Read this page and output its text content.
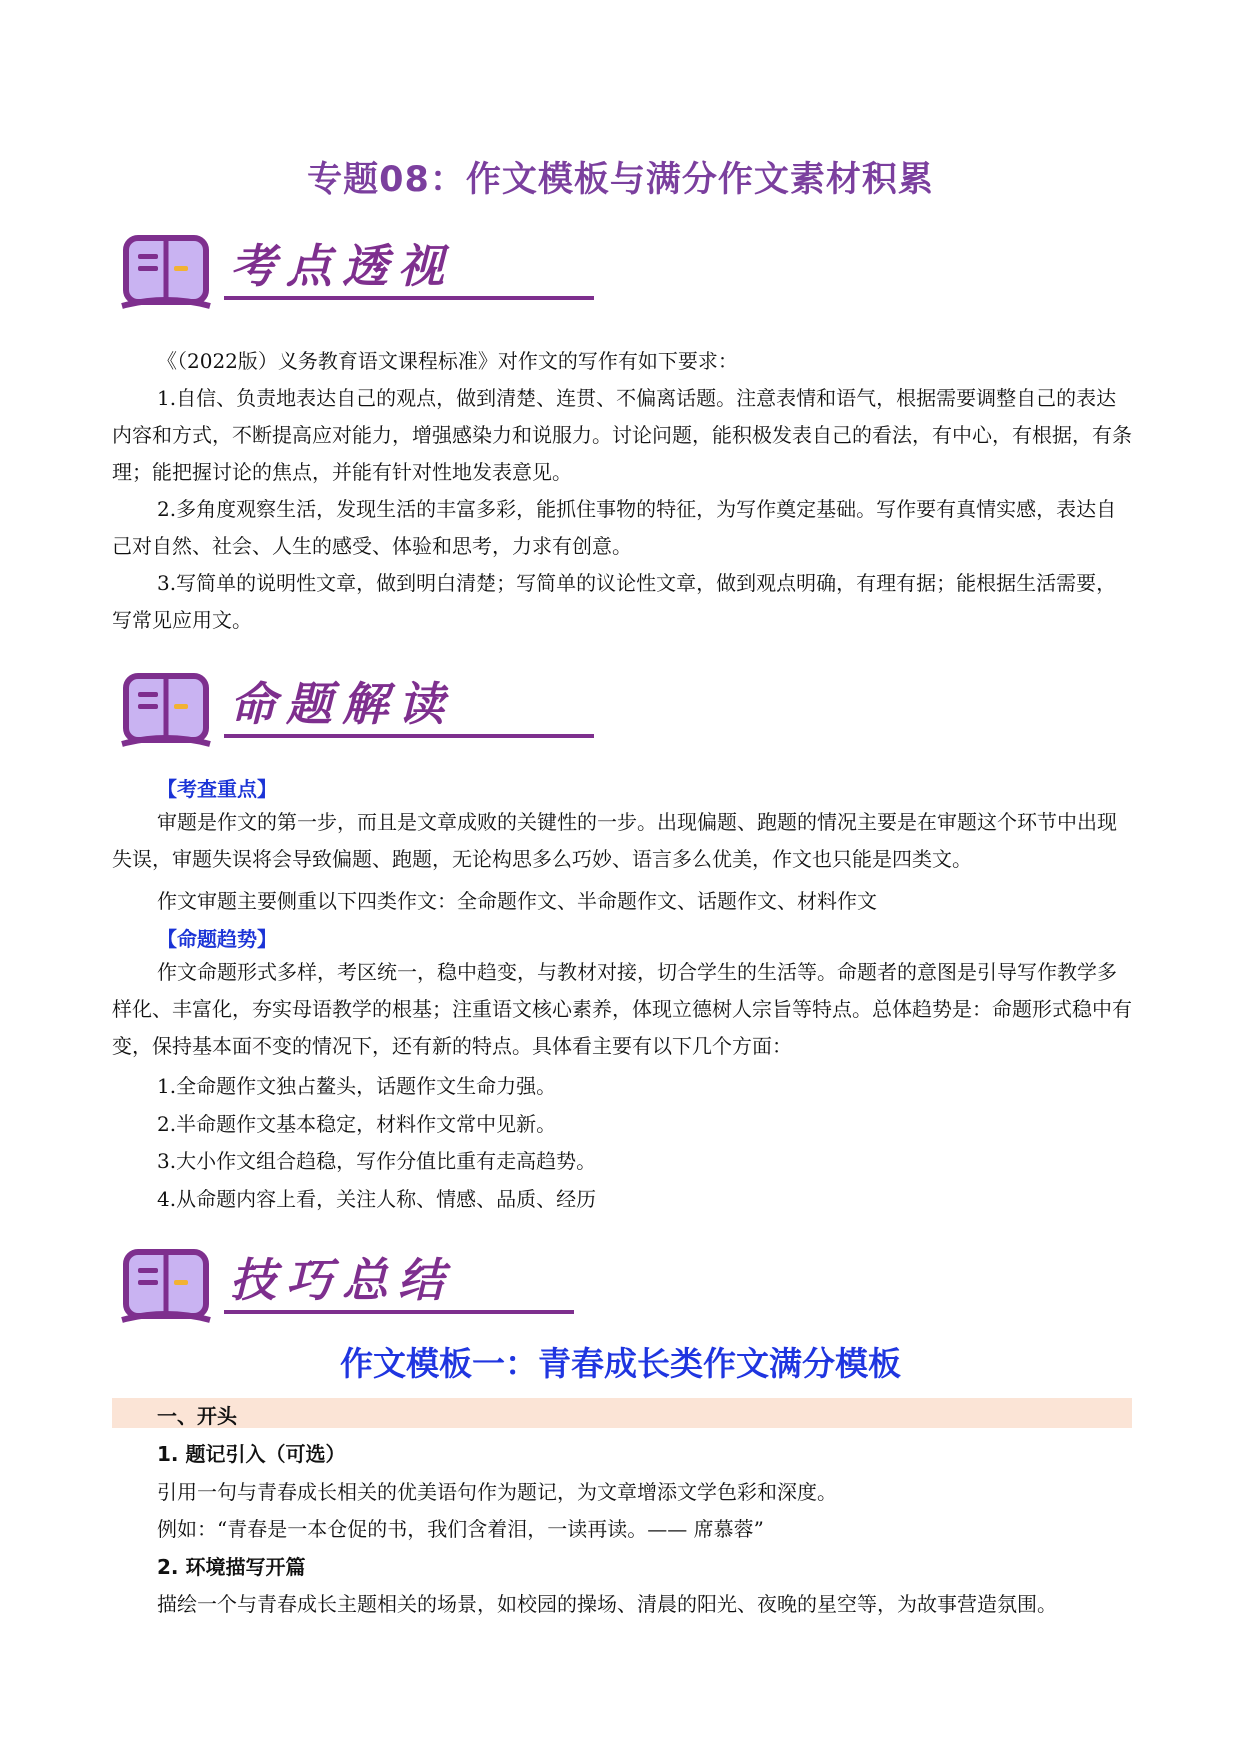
专题08：作文模板与满分作文素材积累
考点透视
《（2022版）义务教育语文课程标准》对作文的写作有如下要求：
1.自信、负责地表达自己的观点，做到清楚、连贯、不偏离话题。注意表情和语气，根据需要调整自己的表达内容和方式，不断提高应对能力，增强感染力和说服力。讨论问题，能积极发表自己的看法，有中心，有根据，有条理；能把握讨论的焦点，并能有针对性地发表意见。
2.多角度观察生活，发现生活的丰富多彩，能抓住事物的特征，为写作奠定基础。写作要有真情实感，表达自己对自然、社会、人生的感受、体验和思考，力求有创意。
3.写简单的说明性文章，做到明白清楚；写简单的议论性文章，做到观点明确，有理有据；能根据生活需要，写常见应用文。
命题解读
【考查重点】
审题是作文的第一步，而且是文章成败的关键性的一步。出现偏题、跑题的情况主要是在审题这个环节中出现失误，审题失误将会导致偏题、跑题，无论构思多么巧妙、语言多么优美，作文也只能是四类文。
作文审题主要侧重以下四类作文：全命题作文、半命题作文、话题作文、材料作文
【命题趋势】
作文命题形式多样，考区统一，稳中趋变，与教材对接，切合学生的生活等。命题者的意图是引导写作教学多样化、丰富化，夯实母语教学的根基；注重语文核心素养，体现立德树人宗旨等特点。总体趋势是：命题形式稳中有变，保持基本面不变的情况下，还有新的特点。具体看主要有以下几个方面：
1.全命题作文独占鳌头，话题作文生命力强。
2.半命题作文基本稳定，材料作文常中见新。
3.大小作文组合趋稳，写作分值比重有走高趋势。
4.从命题内容上看，关注人称、情感、品质、经历
技巧总结
作文模板一：青春成长类作文满分模板
一、开头
1. 题记引入（可选）
引用一句与青春成长相关的优美语句作为题记，为文章增添文学色彩和深度。
例如：“青春是一本仓促的书，我们含着泪，一读再读。—— 席慕蓉”
2. 环境描写开篇
描绘一个与青春成长主题相关的场景，如校园的操场、清晨的阳光、夜晚的星空等，为故事营造氛围。
